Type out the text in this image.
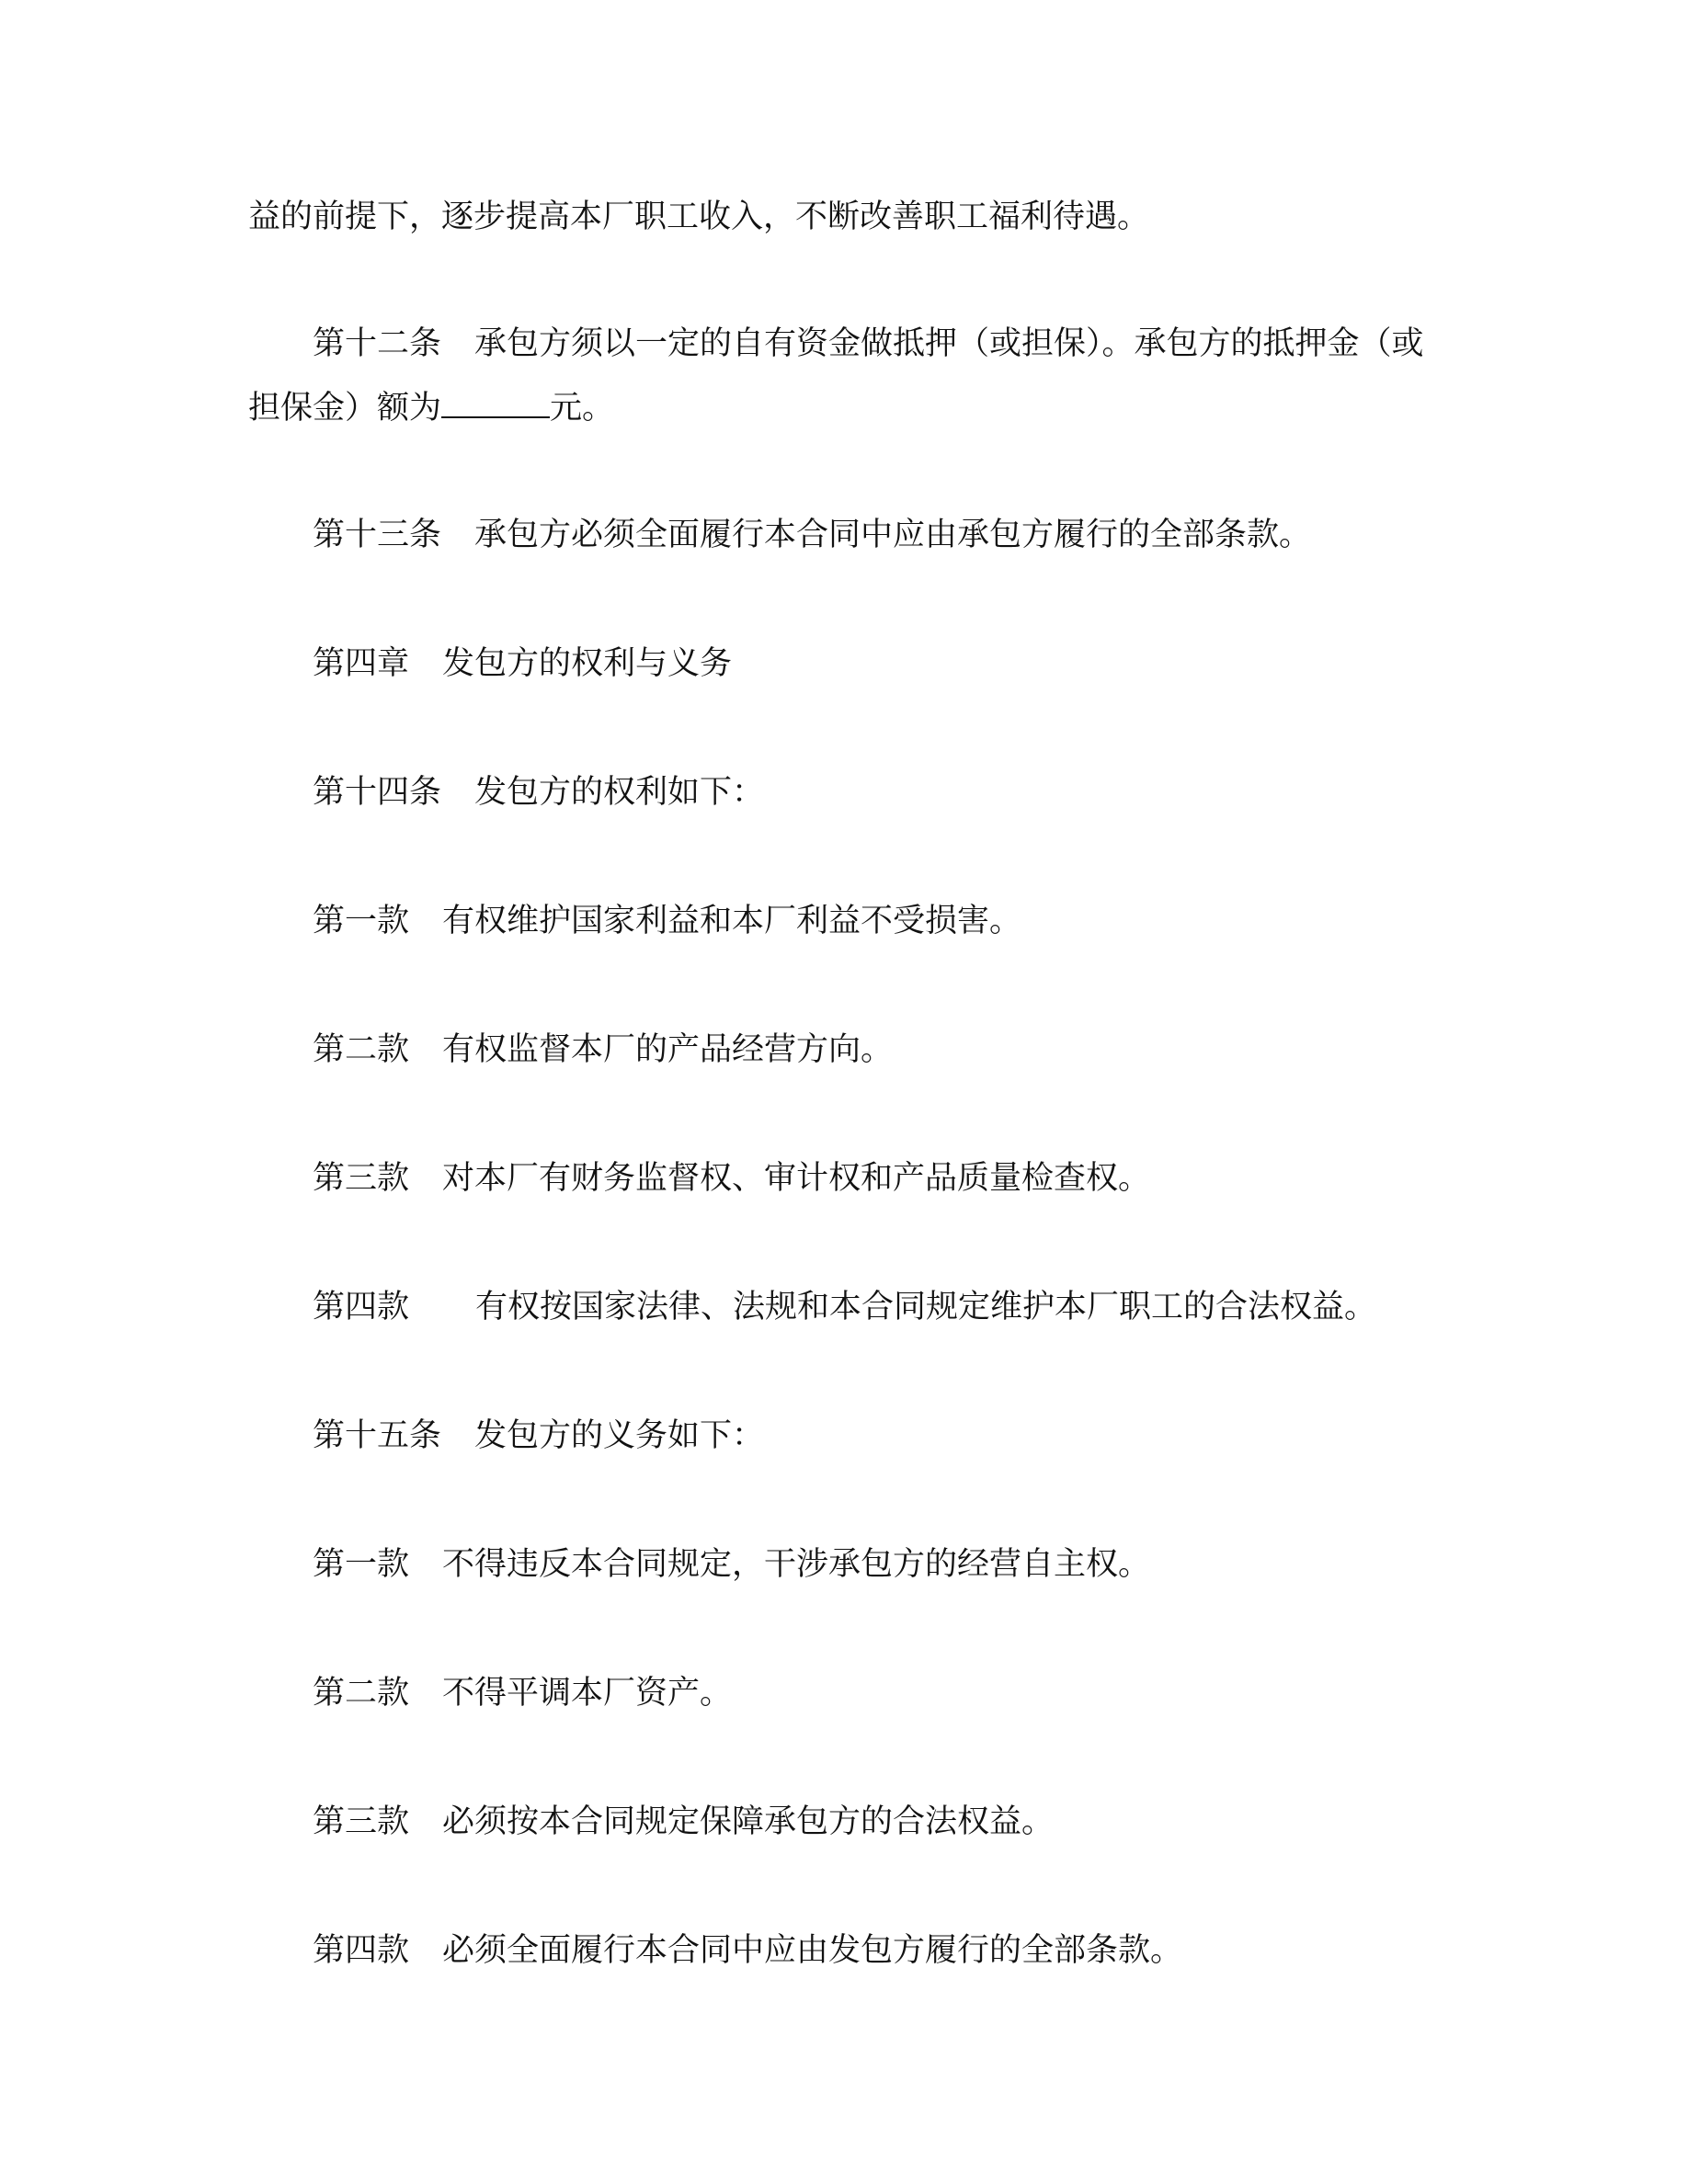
益的前提下，逐步提高本厂职工收入，不断改善职工福利待遇。

第十二条 承包方须以一定的自有资金做抵押（或担保）。承包方的抵押金（或

担保金）额为	元。

第十三条 承包方必须全面履行本合同中应由承包方履行的全部条款。

第四章 发包方的权利与义务

第十四条 发包方的权利如下：

第一款 有权维护国家利益和本厂利益不受损害。

第二款 有权监督本厂的产品经营方向。

第三款 对本厂有财务监督权、审计权和产品质量检查权。

第四款 有权按国家法律、法规和本合同规定维护本厂职工的合法权益。

第十五条 发包方的义务如下：

第一款 不得违反本合同规定，干涉承包方的经营自主权。

第二款 不得平调本厂资产。

第三款 必须按本合同规定保障承包方的合法权益。

第四款 必须全面履行本合同中应由发包方履行的全部条款。
